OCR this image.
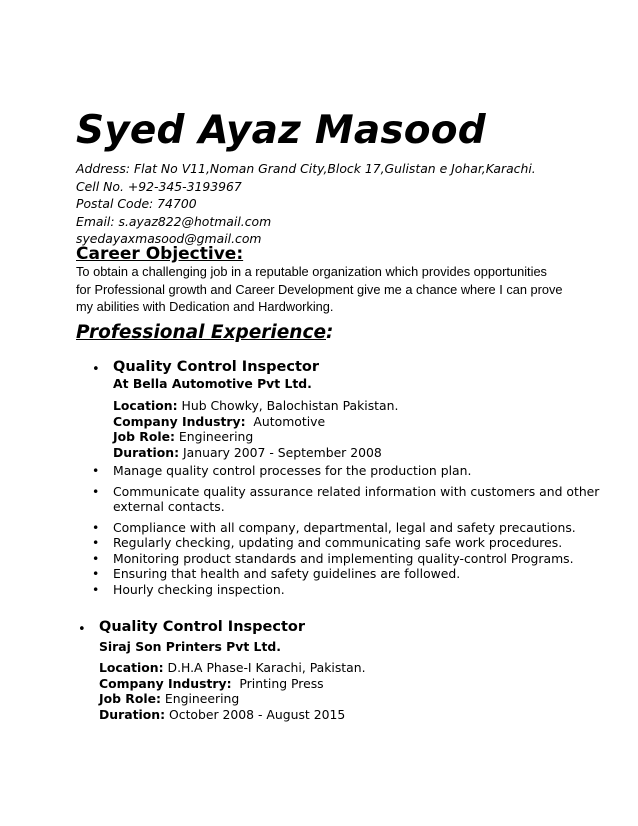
Syed Ayaz Masood
Address: Flat No V11,Noman Grand City,Block 17,Gulistan e Johar,Karachi.
Cell No. +92-345-3193967
Postal Code: 74700
Email: s.ayaz822@hotmail.com
syedayaxmasood@gmail.com
Career Objective:
To obtain a challenging job in a reputable organization which provides opportunities
for Professional growth and Career Development give me a chance where I can prove
my abilities with Dedication and Hardworking.
Professional Experience:
• Quality Control Inspector
At Bella Automotive Pvt Ltd.
Location: Hub Chowky, Balochistan Pakistan.
Company Industry: Automotive
Job Role: Engineering
Duration: January 2007 - September 2008
• Manage quality control processes for the production plan.
• Communicate quality assurance related information with customers and other
external contacts.
• Compliance with all company, departmental, legal and safety precautions.
• Regularly checking, updating and communicating safe work procedures.
• Monitoring product standards and implementing quality-control Programs.
• Ensuring that health and safety guidelines are followed.
• Hourly checking inspection.
• Quality Control Inspector
Siraj Son Printers Pvt Ltd.
Location: D.H.A Phase-I Karachi, Pakistan.
Company Industry: Printing Press
Job Role: Engineering
Duration: October 2008 - August 2015
